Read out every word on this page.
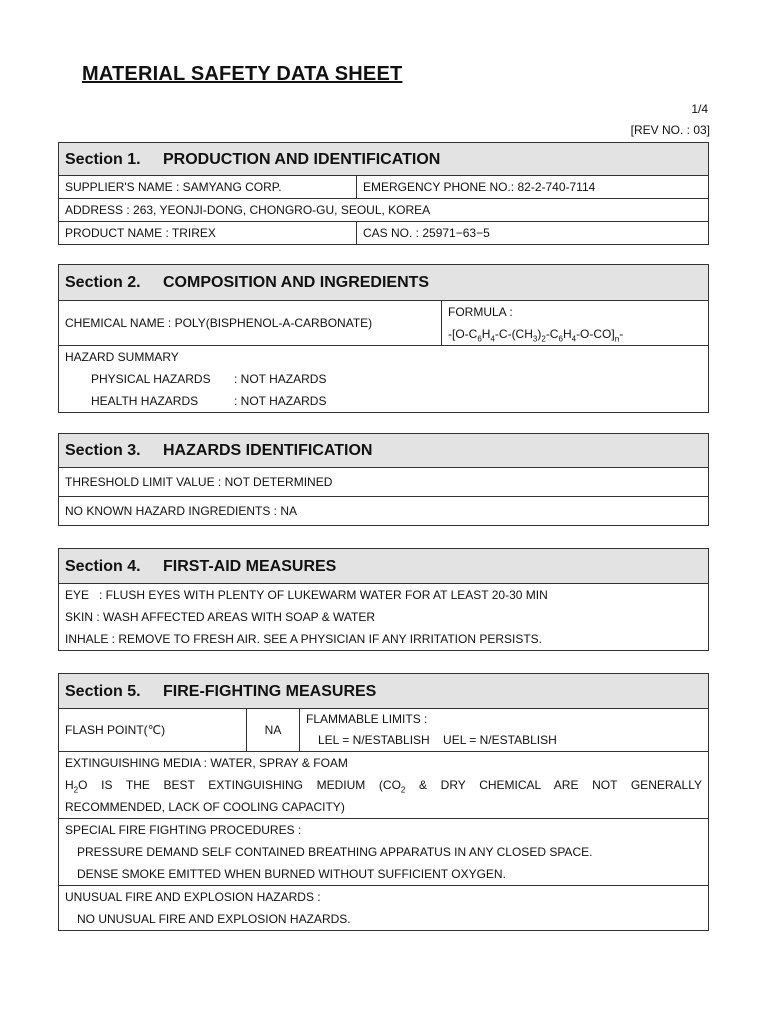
MATERIAL SAFETY DATA SHEET
1/4
[REV NO. : 03]
Section 1.	PRODUCTION AND IDENTIFICATION
SUPPLIER'S NAME : SAMYANG CORP.	EMERGENCY PHONE NO.: 82-2-740-7114
ADDRESS : 263, YEONJI-DONG, CHONGRO-GU, SEOUL, KOREA
PRODUCT NAME : TRIREX	CAS NO. : 25971−63−5
Section 2.	COMPOSITION AND INGREDIENTS
CHEMICAL NAME : POLY(BISPHENOL-A-CARBONATE)
FORMULA :
$-[O-C_6H_4-C-(CH_3)_2-C_6H_4-O-CO]_n-$
HAZARD SUMMARY
PHYSICAL HAZARDS : NOT HAZARDS
HEALTH HAZARDS	: NOT HAZARDS
Section 3.	HAZARDS IDENTIFICATION
THRESHOLD LIMIT VALUE : NOT DETERMINED
NO KNOWN HAZARD INGREDIENTS : NA
Section 4.	FIRST-AID MEASURES
EYE   : FLUSH EYES WITH PLENTY OF LUKEWARM WATER FOR AT LEAST 20-30 MIN
SKIN : WASH AFFECTED AREAS WITH SOAP & WATER
INHALE : REMOVE TO FRESH AIR. SEE A PHYSICIAN IF ANY IRRITATION PERSISTS.
Section 5.	FIRE-FIGHTING MEASURES
FLASH POINT(℃)	NA
FLAMMABLE LIMITS :
LEL = N/ESTABLISH    UEL = N/ESTABLISH
EXTINGUISHING MEDIA : WATER, SPRAY & FOAM
$H_2O$ IS THE BEST EXTINGUISHING MEDIUM ($CO_2$ & DRY CHEMICAL ARE NOT GENERALLY
RECOMMENDED, LACK OF COOLING CAPACITY)
SPECIAL FIRE FIGHTING PROCEDURES :
PRESSURE DEMAND SELF CONTAINED BREATHING APPARATUS IN ANY CLOSED SPACE.
DENSE SMOKE EMITTED WHEN BURNED WITHOUT SUFFICIENT OXYGEN.
UNUSUAL FIRE AND EXPLOSION HAZARDS :
NO UNUSUAL FIRE AND EXPLOSION HAZARDS.
